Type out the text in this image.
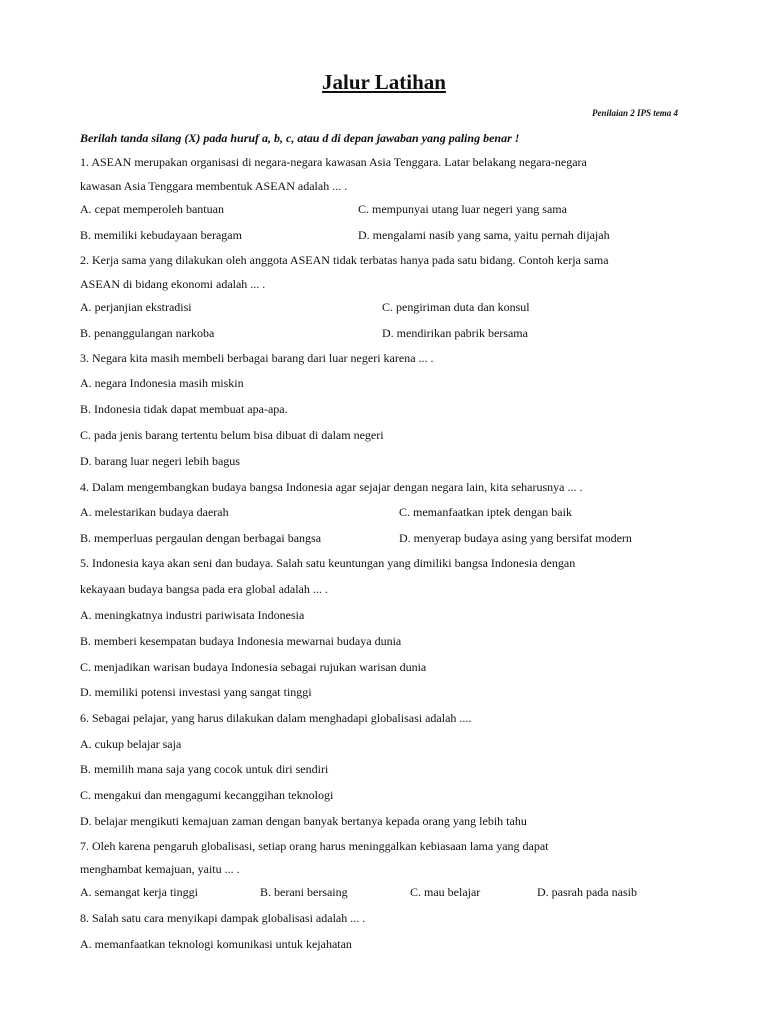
Jalur Latihan
Penilaian 2 IPS tema 4
Berilah tanda silang (X) pada huruf a, b, c, atau d di depan jawaban yang paling benar !
1. ASEAN merupakan organisasi di negara-negara kawasan Asia Tenggara. Latar belakang negara-negara
kawasan Asia Tenggara membentuk ASEAN adalah ... .
A. cepat memperoleh bantuan	C. mempunyai utang luar negeri yang sama
B. memiliki kebudayaan beragam	D. mengalami nasib yang sama, yaitu pernah dijajah
2. Kerja sama yang dilakukan oleh anggota ASEAN tidak terbatas hanya pada satu bidang. Contoh kerja sama
ASEAN di bidang ekonomi adalah ... .
A. perjanjian ekstradisi	C. pengiriman duta dan konsul
B. penanggulangan narkoba	D. mendirikan pabrik bersama
3. Negara kita masih membeli berbagai barang dari luar negeri karena ... .
A. negara Indonesia masih miskin
B. Indonesia tidak dapat membuat apa-apa.
C. pada jenis barang tertentu belum bisa dibuat di dalam negeri
D. barang luar negeri lebih bagus
4. Dalam mengembangkan budaya bangsa Indonesia agar sejajar dengan negara lain, kita seharusnya ... .
A. melestarikan budaya daerah	C. memanfaatkan iptek dengan baik
B. memperluas pergaulan dengan berbagai bangsa	D. menyerap budaya asing yang bersifat modern
5. Indonesia kaya akan seni dan budaya. Salah satu keuntungan yang dimiliki bangsa Indonesia dengan
kekayaan budaya bangsa pada era global adalah ... .
A. meningkatnya industri pariwisata Indonesia
B. memberi kesempatan budaya Indonesia mewarnai budaya dunia
C. menjadikan warisan budaya Indonesia sebagai rujukan warisan dunia
D. memiliki potensi investasi yang sangat tinggi
6. Sebagai pelajar, yang harus dilakukan dalam menghadapi globalisasi adalah ....
A. cukup belajar saja
B. memilih mana saja yang cocok untuk diri sendiri
C. mengakui dan mengagumi kecanggihan teknologi
D. belajar mengikuti kemajuan zaman dengan banyak bertanya kepada orang yang lebih tahu
7. Oleh karena pengaruh globalisasi, setiap orang harus meninggalkan kebiasaan lama yang dapat
menghambat kemajuan, yaitu ... .
A. semangat kerja tinggi	B. berani bersaing	C. mau belajar	D. pasrah pada nasib
8. Salah satu cara menyikapi dampak globalisasi adalah ... .
A. memanfaatkan teknologi komunikasi untuk kejahatan
